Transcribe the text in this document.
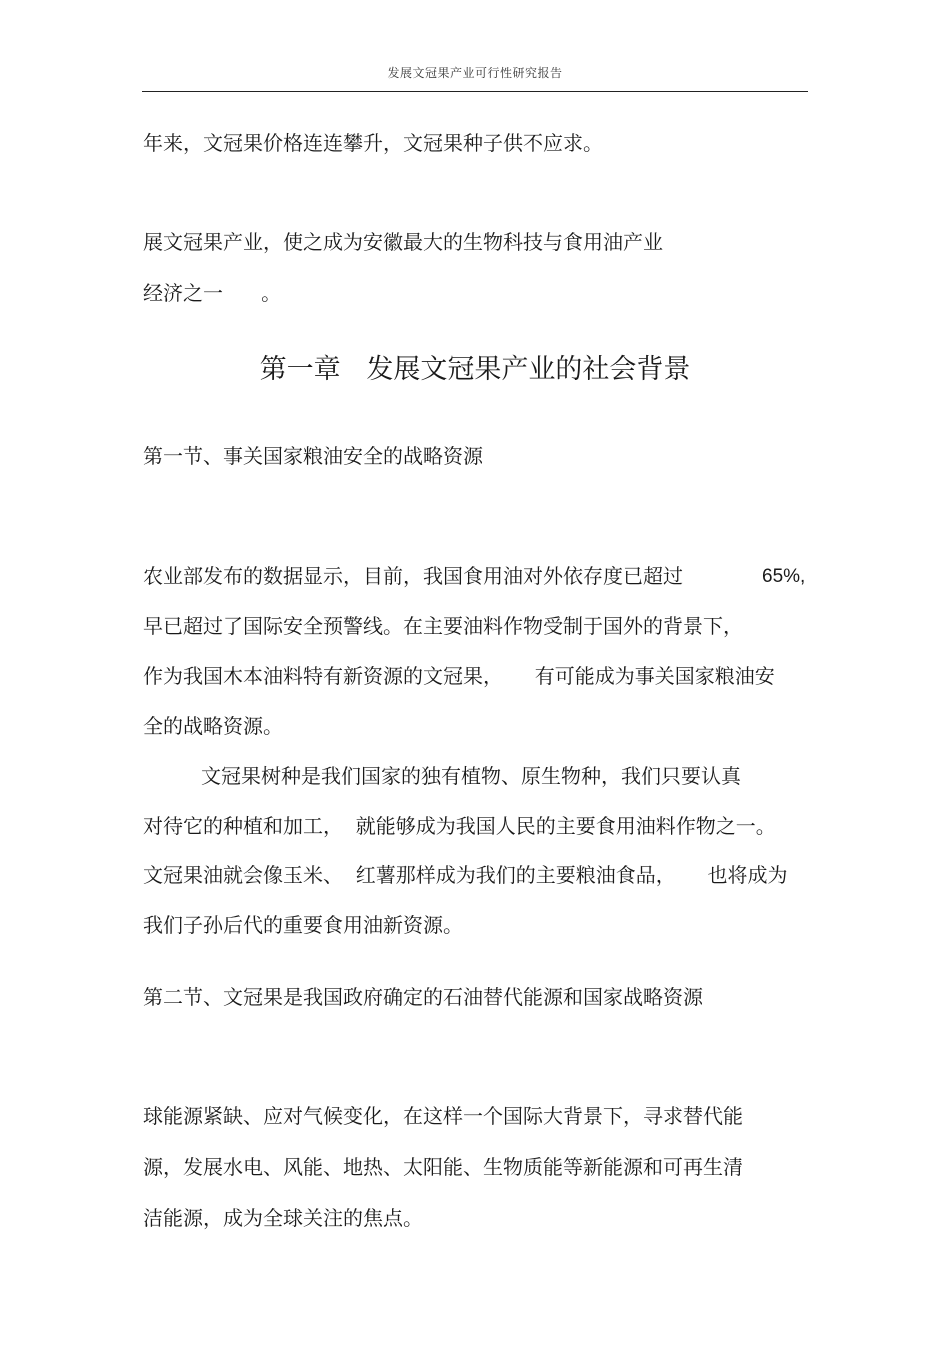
发展文冠果产业可行性研究报告
年来，文冠果价格连连攀升，文冠果种子供不应求。
展文冠果产业，使之成为安徽最大的生物科技与食用油产业
经济之一      。
第一章   发展文冠果产业的社会背景
第一节、事关国家粮油安全的战略资源
农业部发布的数据显示，目前，我国食用油对外依存度已超过	65%,
早已超过了国际安全预警线。在主要油料作物受制于国外的背景下，
作为我国木本油料特有新资源的文冠果，     有可能成为事关国家粮油安
全的战略资源。
文冠果树种是我们国家的独有植物、原生物种，我们只要认真
对待它的种植和加工，  就能够成为我国人民的主要食用油料作物之一。
文冠果油就会像玉米、  红薯那样成为我们的主要粮油食品，     也将成为
我们子孙后代的重要食用油新资源。
第二节、文冠果是我国政府确定的石油替代能源和国家战略资源
球能源紧缺、应对气候变化，在这样一个国际大背景下，寻求替代能
源，发展水电、风能、地热、太阳能、生物质能等新能源和可再生清
洁能源，成为全球关注的焦点。
